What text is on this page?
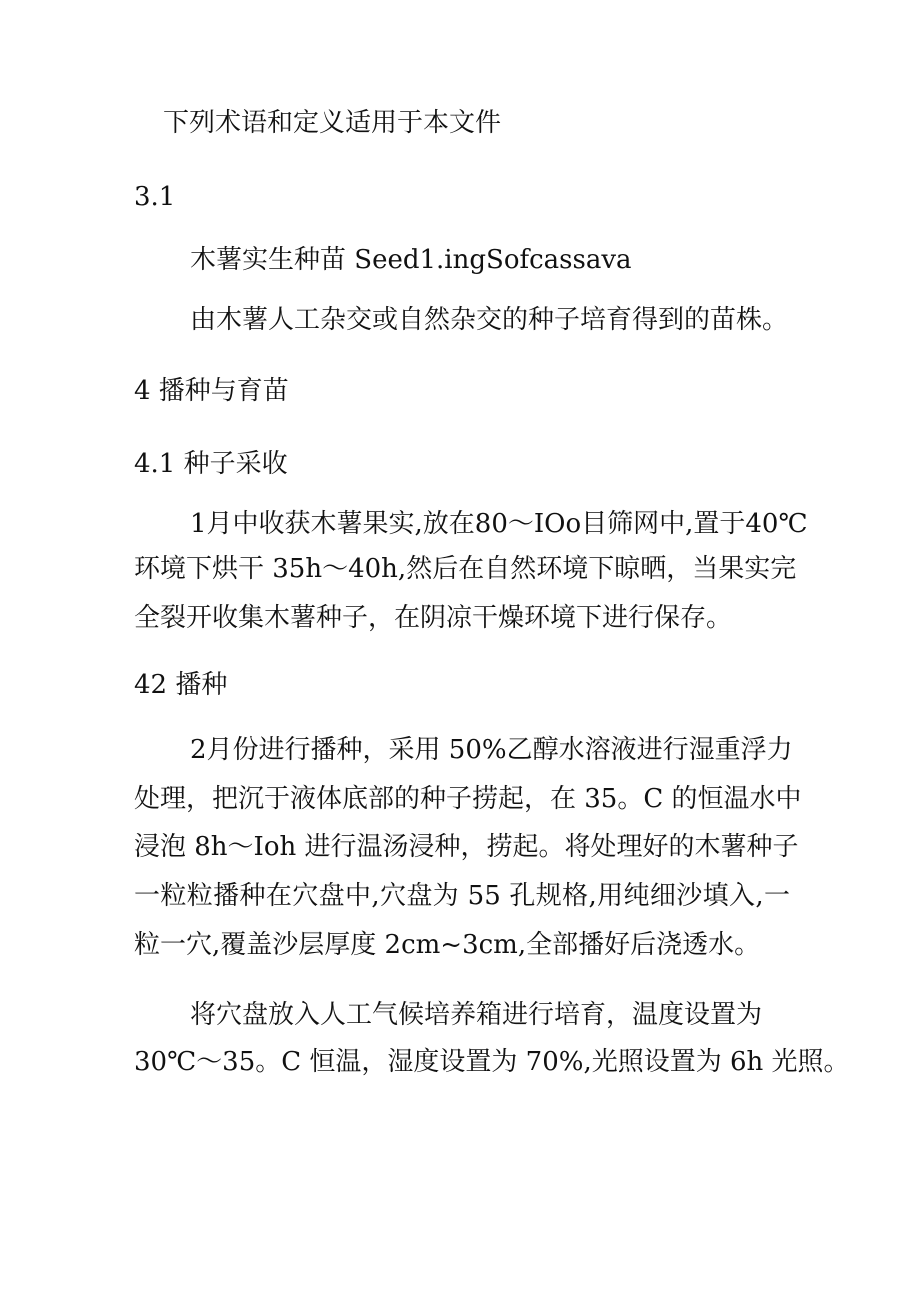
下列术语和定义适用于本文件
3.1
木薯实生种苗 Seed1.ingSofcassava
由木薯人工杂交或自然杂交的种子培育得到的苗株。
4 播种与育苗
4.1 种子采收
1月中收获木薯果实,放在80～IOo目筛网中,置于40℃
环境下烘干 35h～40h,然后在自然环境下晾晒，当果实完
全裂开收集木薯种子，在阴凉干燥环境下进行保存。
42 播种
2月份进行播种，采用 50%乙醇水溶液进行湿重浮力
处理，把沉于液体底部的种子捞起，在 35。C 的恒温水中
浸泡 8h～Ioh 进行温汤浸种，捞起。将处理好的木薯种子
一粒粒播种在穴盘中,穴盘为 55 孔规格,用纯细沙填入,一
粒一穴,覆盖沙层厚度 2cm~3cm,全部播好后浇透水。
将穴盘放入人工气候培养箱进行培育，温度设置为
30℃～35。C 恒温，湿度设置为 70%,光照设置为 6h 光照。
